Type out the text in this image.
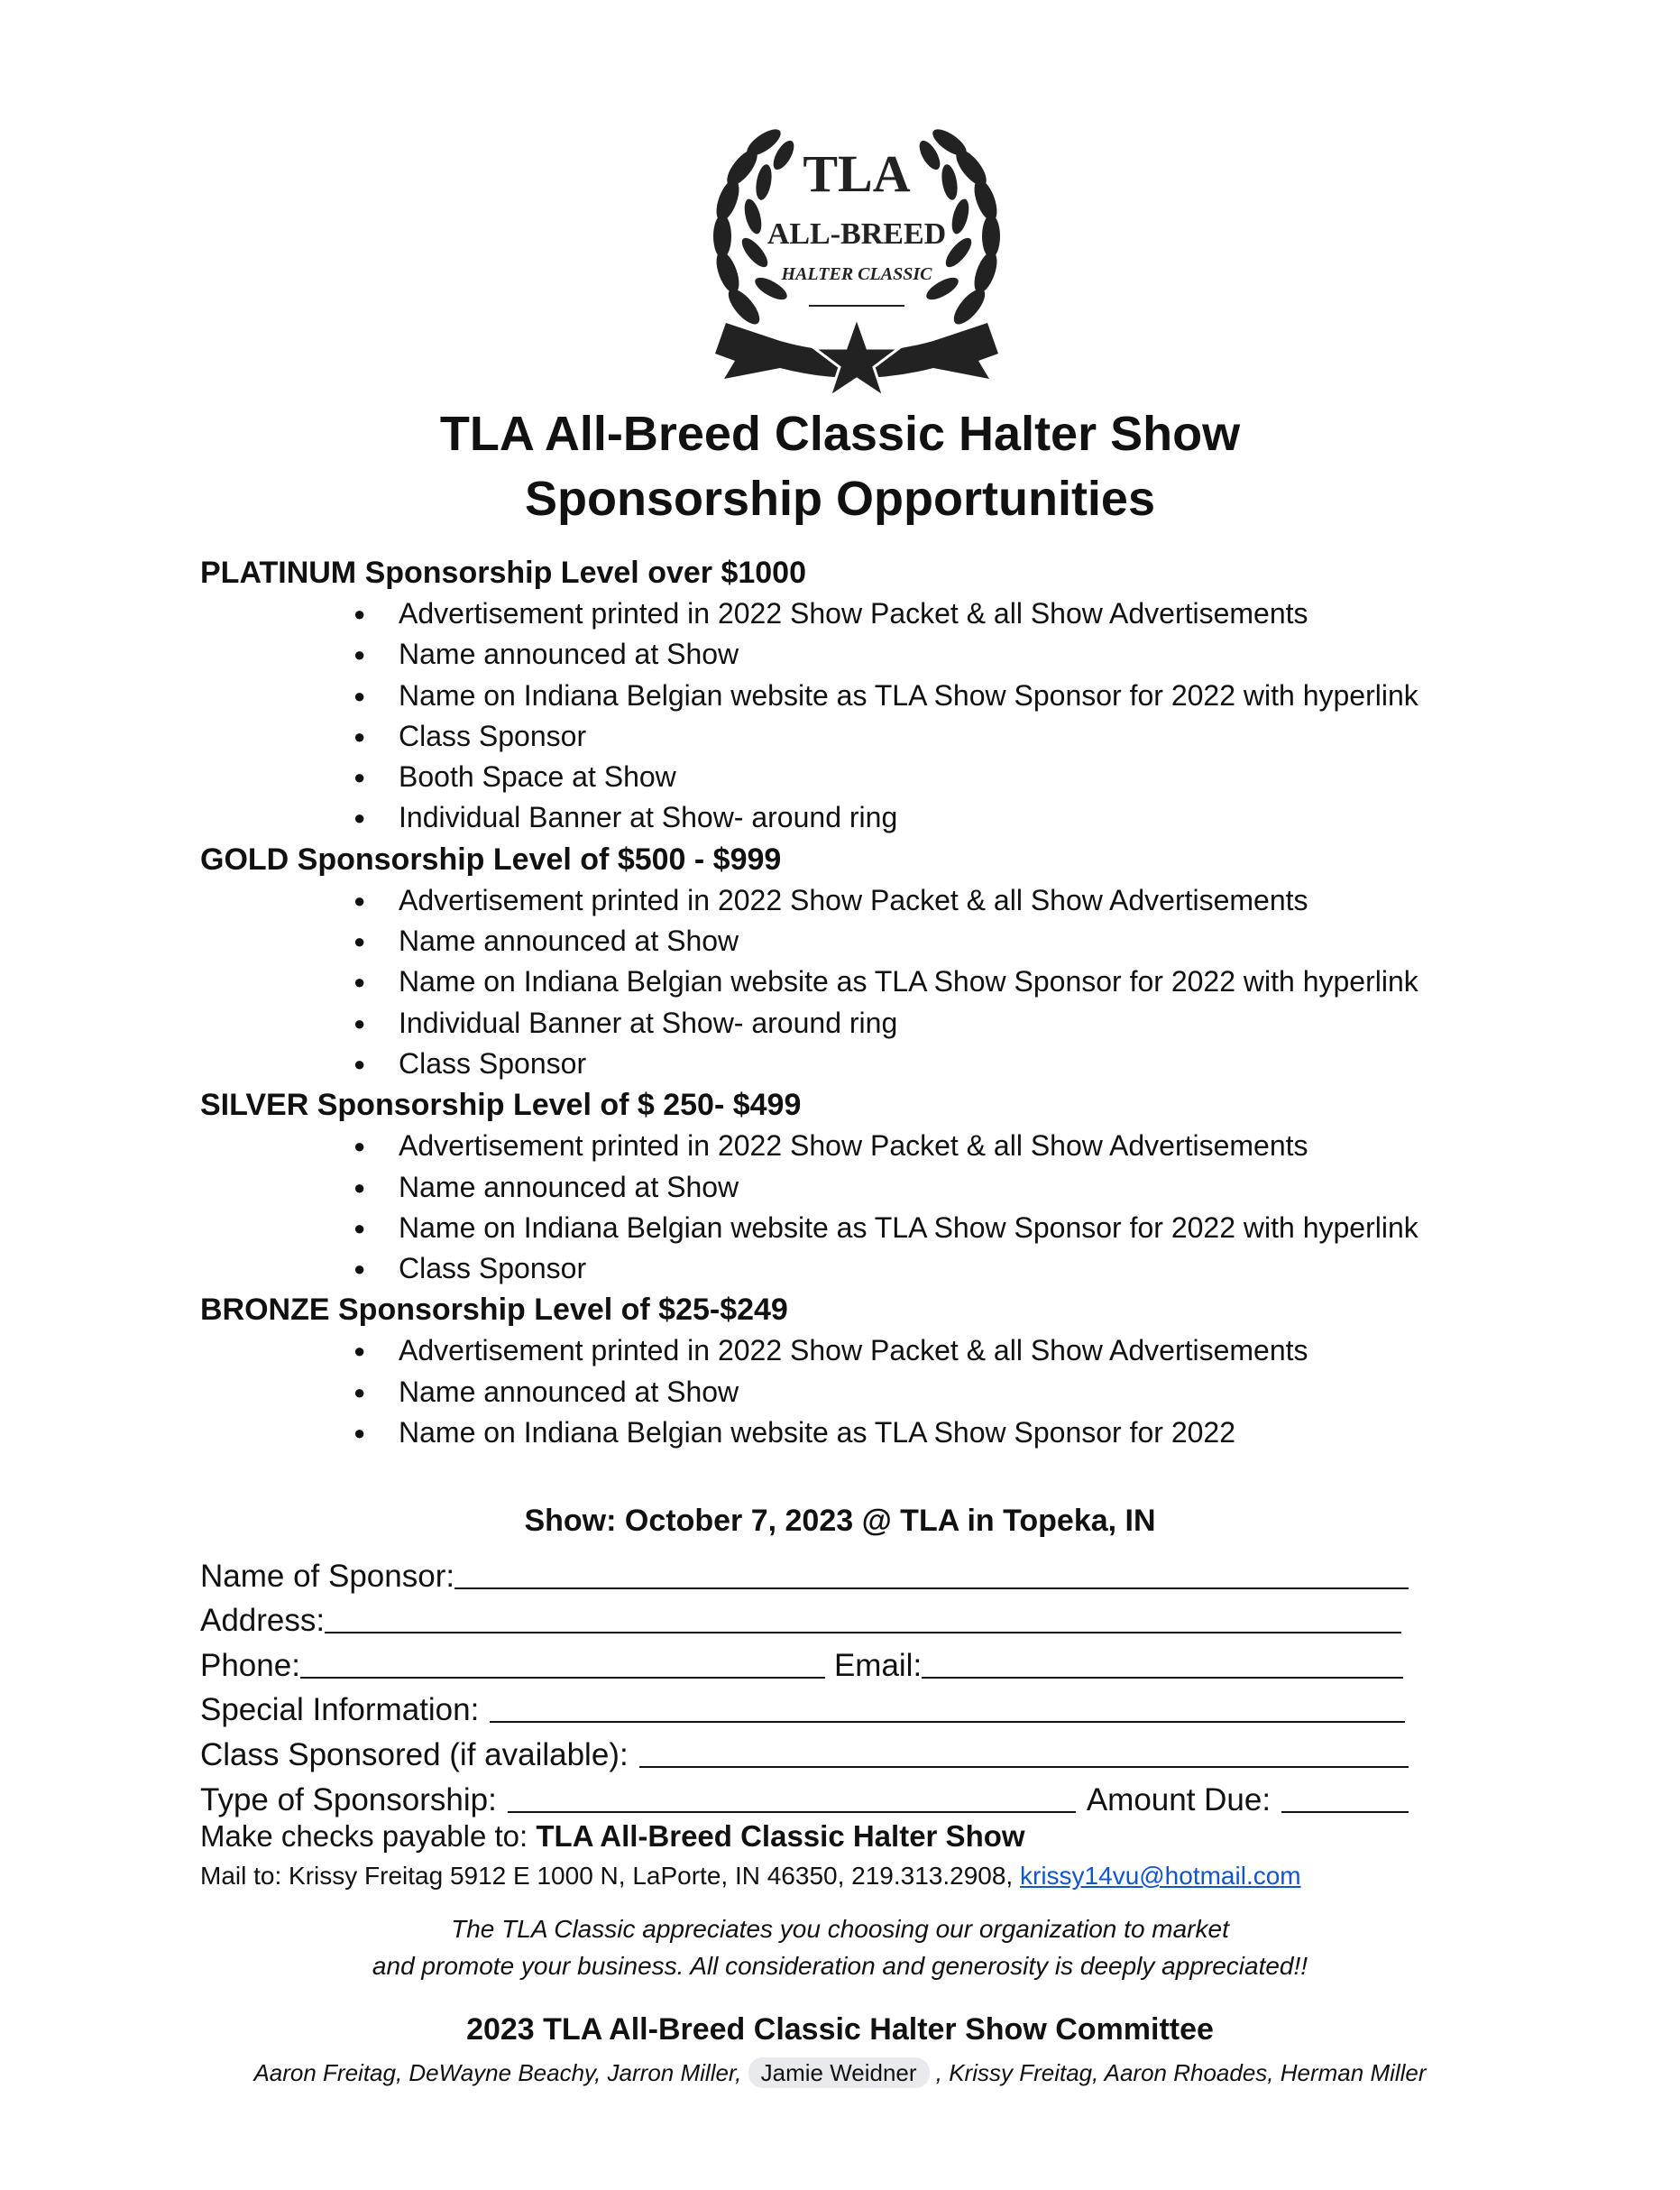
TLA
ALL-BREED
HALTER CLASSIC
TLA All-Breed Classic Halter Show
Sponsorship Opportunities
PLATINUM Sponsorship Level over $1000
● Advertisement printed in 2022 Show Packet & all Show Advertisements
● Name announced at Show
● Name on Indiana Belgian website as TLA Show Sponsor for 2022 with hyperlink
● Class Sponsor
● Booth Space at Show
● Individual Banner at Show- around ring
GOLD Sponsorship Level of $500 - $999
● Advertisement printed in 2022 Show Packet & all Show Advertisements
● Name announced at Show
● Name on Indiana Belgian website as TLA Show Sponsor for 2022 with hyperlink
● Individual Banner at Show- around ring
● Class Sponsor
SILVER Sponsorship Level of $ 250- $499
● Advertisement printed in 2022 Show Packet & all Show Advertisements
● Name announced at Show
● Name on Indiana Belgian website as TLA Show Sponsor for 2022 with hyperlink
● Class Sponsor
BRONZE Sponsorship Level of $25-$249
● Advertisement printed in 2022 Show Packet & all Show Advertisements
● Name announced at Show
● Name on Indiana Belgian website as TLA Show Sponsor for 2022
Show: October 7, 2023 @ TLA in Topeka, IN
Name of Sponsor:
Address:
Phone:	Email:
Special Information:
Class Sponsored (if available):
Type of Sponsorship:	Amount Due:
Make checks payable to: TLA All-Breed Classic Halter Show
Mail to: Krissy Freitag 5912 E 1000 N, LaPorte, IN 46350, 219.313.2908, krissy14vu@hotmail.com
The TLA Classic appreciates you choosing our organization to market
and promote your business. All consideration and generosity is deeply appreciated!!
2023 TLA All-Breed Classic Halter Show Committee
Aaron Freitag, DeWayne Beachy, Jarron Miller, Jamie Weidner , Krissy Freitag, Aaron Rhoades, Herman Miller
